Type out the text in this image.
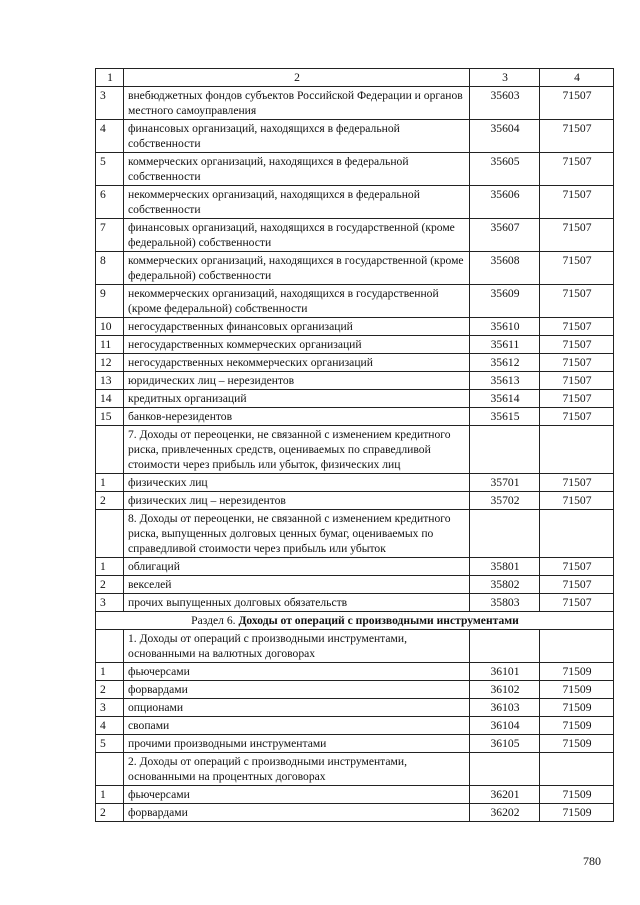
1	2	3	4
3	внебюджетных фондов субъектов Российской Федерации и органов местного самоуправления	35603	71507
4	финансовых организаций, находящихся в федеральной собственности	35604	71507
5	коммерческих организаций, находящихся в федеральной собственности	35605	71507
6	некоммерческих организаций, находящихся в федеральной собственности	35606	71507
7	финансовых организаций, находящихся в государственной (кроме федеральной) собственности	35607	71507
8	коммерческих организаций, находящихся в государственной (кроме федеральной) собственности	35608	71507
9	некоммерческих организаций, находящихся в государственной (кроме федеральной) собственности	35609	71507
10	негосударственных финансовых организаций	35610	71507
11	негосударственных коммерческих организаций	35611	71507
12	негосударственных некоммерческих организаций	35612	71507
13	юридических лиц – нерезидентов	35613	71507
14	кредитных организаций	35614	71507
15	банков-нерезидентов	35615	71507
	7. Доходы от переоценки, не связанной с изменением кредитного риска, привлеченных средств, оцениваемых по справедливой стоимости через прибыль или убыток, физических лиц		
1	физических лиц	35701	71507
2	физических лиц – нерезидентов	35702	71507
	8. Доходы от переоценки, не связанной с изменением кредитного риска, выпущенных долговых ценных бумаг, оцениваемых по справедливой стоимости через прибыль или убыток		
1	облигаций	35801	71507
2	векселей	35802	71507
3	прочих выпущенных долговых обязательств	35803	71507
Раздел 6. Доходы от операций с производными инструментами			
	1. Доходы от операций с производными инструментами, основанными на валютных договорах		
1	фьючерсами	36101	71509
2	форвардами	36102	71509
3	опционами	36103	71509
4	свопами	36104	71509
5	прочими производными инструментами	36105	71509
	2. Доходы от операций с производными инструментами, основанными на процентных договорах		
1	фьючерсами	36201	71509
2	форвардами	36202	71509
780
